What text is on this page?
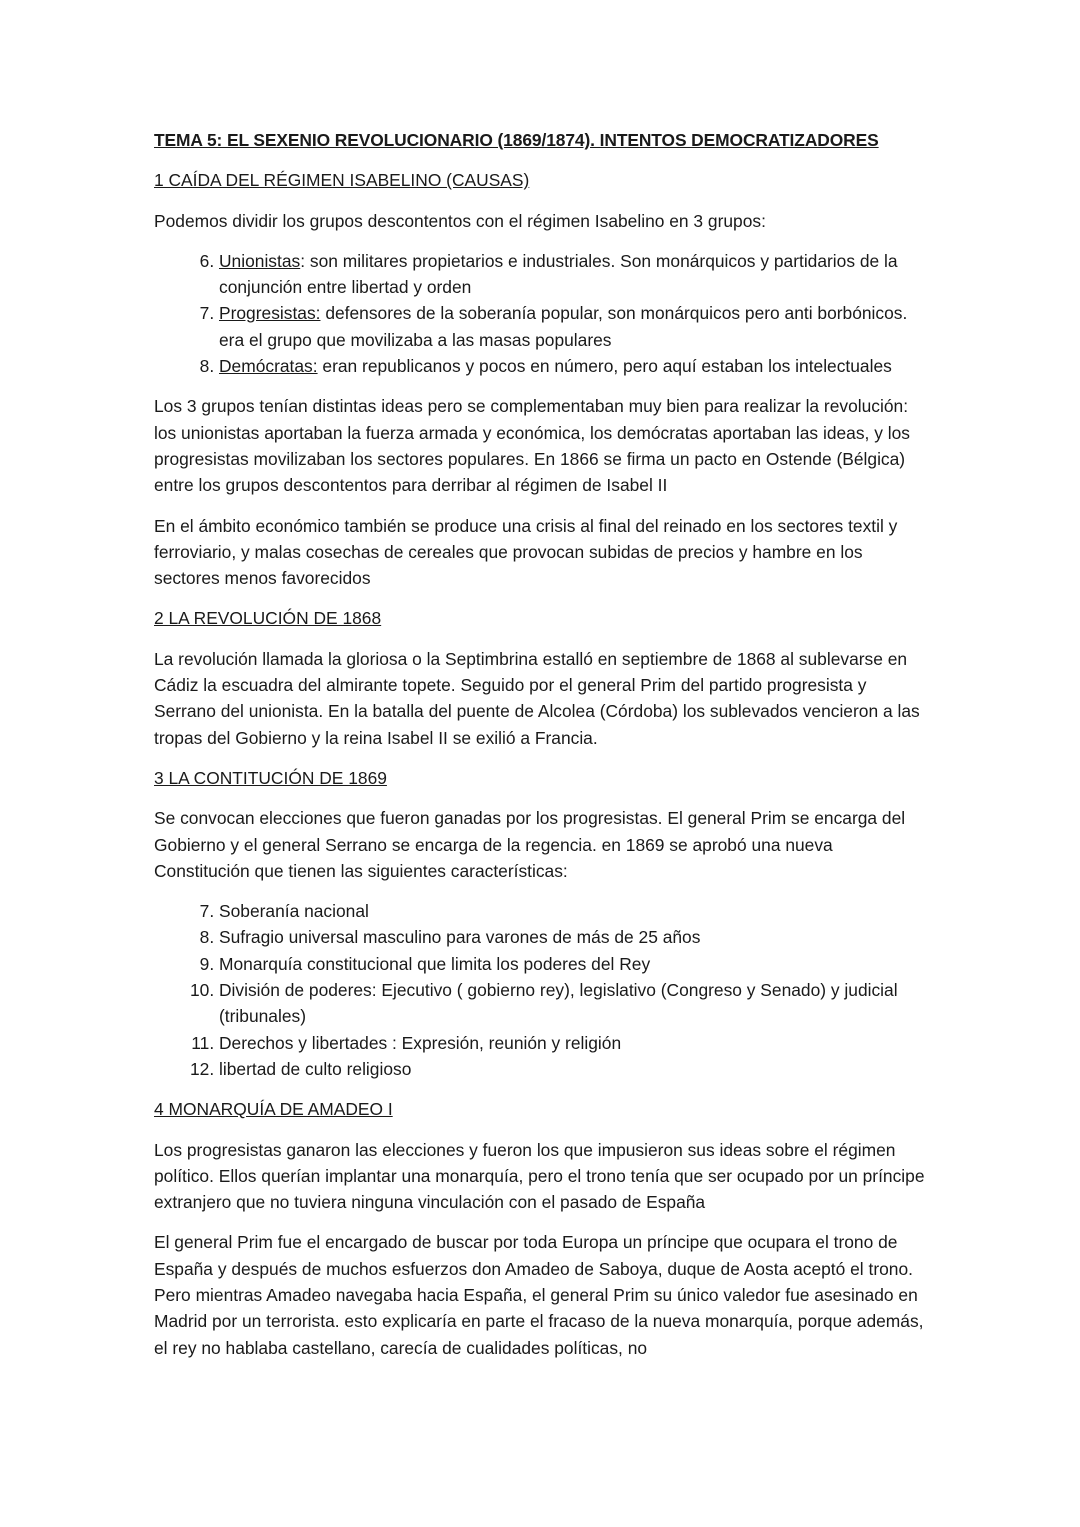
TEMA 5: EL SEXENIO REVOLUCIONARIO (1869/1874). INTENTOS DEMOCRATIZADORES
1 CAÍDA DEL RÉGIMEN ISABELINO (CAUSAS)

Podemos dividir los grupos descontentos con el régimen Isabelino en 3 grupos:

6. Unionistas: son militares propietarios e industriales. Son monárquicos y partidarios de la conjunción entre libertad y orden
7. Progresistas: defensores de la soberanía popular, son monárquicos pero anti borbónicos. era el grupo que movilizaba a las masas populares
8. Demócratas: eran republicanos y pocos en número, pero aquí estaban los intelectuales

Los 3 grupos tenían distintas ideas pero se complementaban muy bien para realizar la revolución: los unionistas aportaban la fuerza armada y económica, los demócratas aportaban las ideas, y los progresistas movilizaban los sectores populares. En 1866 se firma un pacto en Ostende (Bélgica) entre los grupos descontentos para derribar al régimen de Isabel II

En el ámbito económico también se produce una crisis al final del reinado en los sectores textil y ferroviario, y malas cosechas de cereales que provocan subidas de precios y hambre en los sectores menos favorecidos

2 LA REVOLUCIÓN DE 1868

La revolución llamada la gloriosa o la Septimbrina estalló en septiembre de 1868 al sublevarse en Cádiz la escuadra del almirante topete. Seguido por el general Prim del partido progresista y Serrano del unionista. En la batalla del puente de Alcolea (Córdoba) los sublevados vencieron a las tropas del Gobierno y la reina Isabel II se exilió a Francia.

3 LA CONTITUCIÓN DE 1869

Se convocan elecciones que fueron ganadas por los progresistas. El general Prim se encarga del Gobierno y el general Serrano se encarga de la regencia. en 1869 se aprobó una nueva Constitución que tienen las siguientes características:

7. Soberanía nacional
8. Sufragio universal masculino para varones de más de 25 años
9. Monarquía constitucional que limita los poderes del Rey
10. División de poderes: Ejecutivo ( gobierno rey), legislativo (Congreso y Senado) y judicial (tribunales)
11. Derechos y libertades : Expresión, reunión y religión
12. libertad de culto religioso
4 MONARQUÍA DE AMADEO I

Los progresistas ganaron las elecciones y fueron los que impusieron sus ideas sobre el régimen político. Ellos querían implantar una monarquía, pero el trono tenía que ser ocupado por un príncipe extranjero que no tuviera ninguna vinculación con el pasado de España

El general Prim fue el encargado de buscar por toda Europa un príncipe que ocupara el trono de España y después de muchos esfuerzos don Amadeo de Saboya, duque de Aosta aceptó el trono. Pero mientras Amadeo navegaba hacia España, el general Prim su único valedor fue asesinado en Madrid por un terrorista. esto explicaría en parte el fracaso de la nueva monarquía, porque además, el rey no hablaba castellano, carecía de cualidades políticas, no
